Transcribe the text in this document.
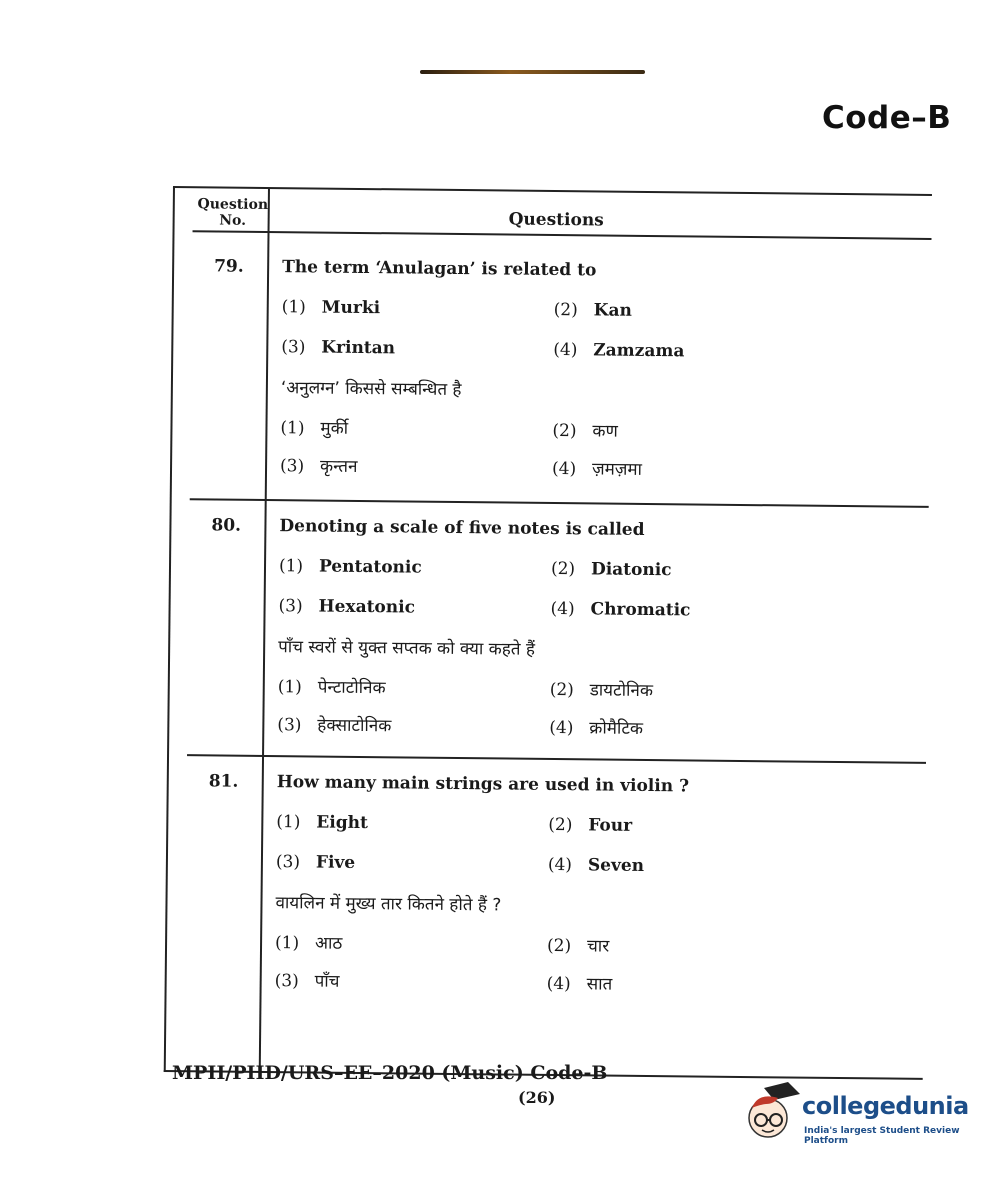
Code–B
Question No.	Questions
79. The term ‘Anulagan’ is related to
(1) Murki	(2) Kan
(3) Krintan	(4) Zamzama
‘अनुलग्न’ किससे सम्बन्धित है
(1) मुर्की	(2) कण
(3) कृन्तन	(4) ज़मज़मा
80. Denoting a scale of five notes is called
(1) Pentatonic	(2) Diatonic
(3) Hexatonic	(4) Chromatic
पाँच स्वरों से युक्त सप्तक को क्या कहते हैं
(1) पेन्टाटोनिक	(2) डायटोनिक
(3) हेक्साटोनिक	(4) क्रोमैटिक
81. How many main strings are used in violin ?
(1) Eight	(2) Four
(3) Five	(4) Seven
वायलिन में मुख्य तार कितने होते हैं ?
(1) आठ	(2) चार
(3) पाँच	(4) सात
MPH/PHD/URS–EE–2020 (Music) Code-B
(26)	collegedunia
India's largest Student Review Platform
